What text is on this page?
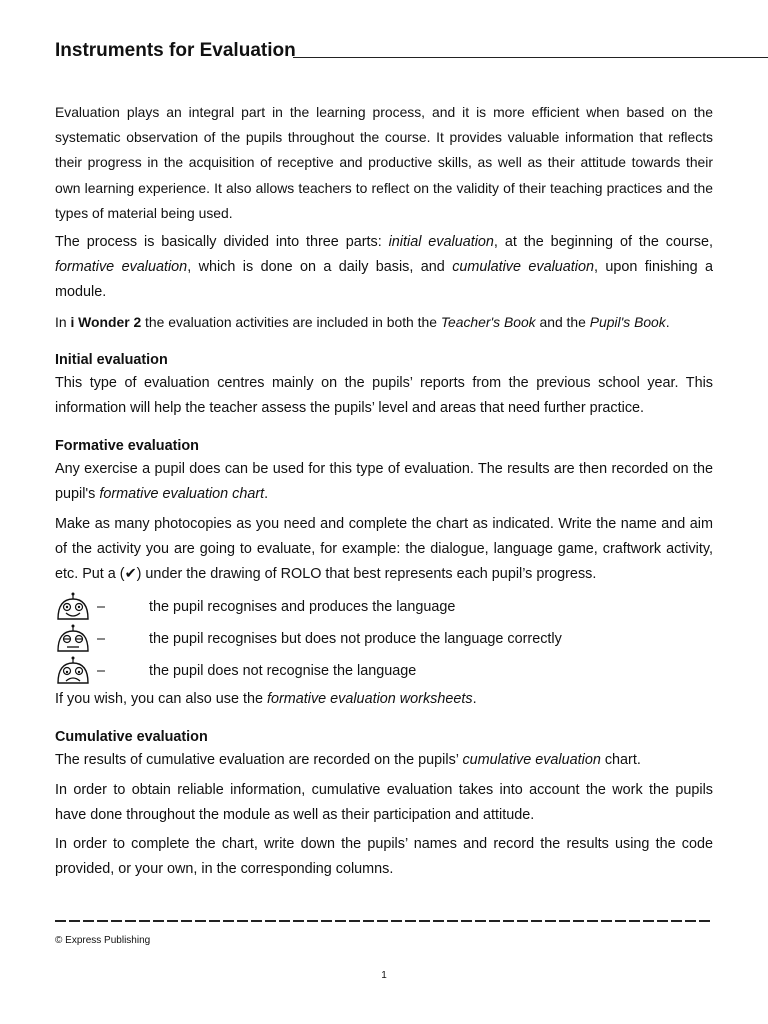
Instruments for Evaluation

Evaluation plays an integral part in the learning process, and it is more efficient when based on the systematic observation of the pupils throughout the course. It provides valuable information that reflects their progress in the acquisition of receptive and productive skills, as well as their attitude towards their own learning experience. It also allows teachers to reflect on the validity of their teaching practices and the types of material being used.

The process is basically divided into three parts: initial evaluation, at the beginning of the course, formative evaluation, which is done on a daily basis, and cumulative evaluation, upon finishing a module.

In i Wonder 2 the evaluation activities are included in both the Teacher's Book and the Pupil's Book.

Initial evaluation

This type of evaluation centres mainly on the pupils’ reports from the previous school year. This information will help the teacher assess the pupils’ level and areas that need further practice.

Formative evaluation

Any exercise a pupil does can be used for this type of evaluation. The results are then recorded on the pupil's formative evaluation chart.

Make as many photocopies as you need and complete the chart as indicated. Write the name and aim of the activity you are going to evaluate, for example: the dialogue, language game, craftwork activity, etc. Put a (✔) under the drawing of ROLO that best represents each pupil’s progress.

–	the pupil recognises and produces the language
–	the pupil recognises but does not produce the language correctly
–	the pupil does not recognise the language

If you wish, you can also use the formative evaluation worksheets.

Cumulative evaluation

The results of cumulative evaluation are recorded on the pupils’ cumulative evaluation chart.

In order to obtain reliable information, cumulative evaluation takes into account the work the pupils have done throughout the module as well as their participation and attitude.

In order to complete the chart, write down the pupils’ names and record the results using the code provided, or your own, in the corresponding columns.

© Express Publishing
1
